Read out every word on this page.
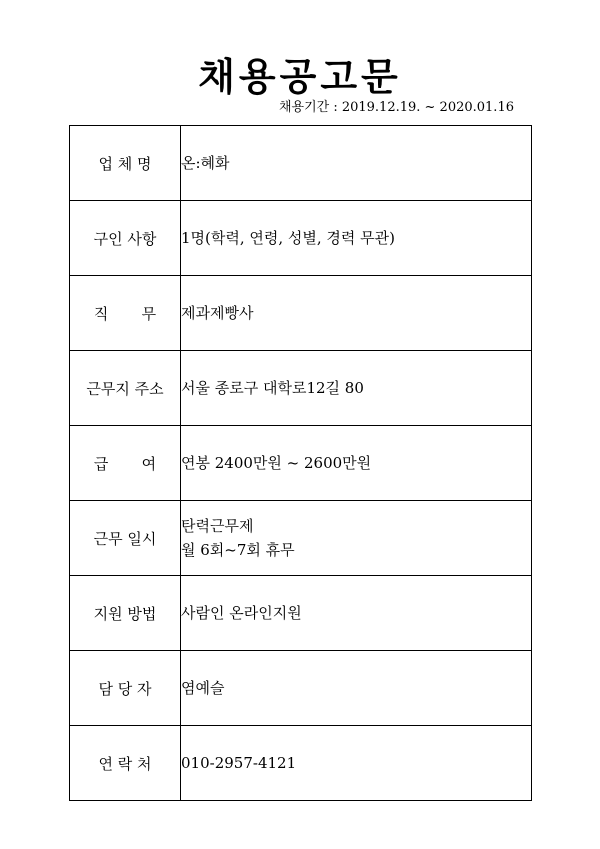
채용공고문
채용기간 : 2019.12.19. ~ 2020.01.16
업 체 명	온:혜화
구인 사항	1명(학력, 연령, 성별, 경력 무관)
직       무	제과제빵사
근무지 주소	서울 종로구 대학로12길 80
급       여	연봉 2400만원 ~ 2600만원
근무 일시	탄력근무제
월 6회~7회 휴무

지원 방법	사람인 온라인지원
담 당 자	염예슬
연 락 처	010-2957-4121
